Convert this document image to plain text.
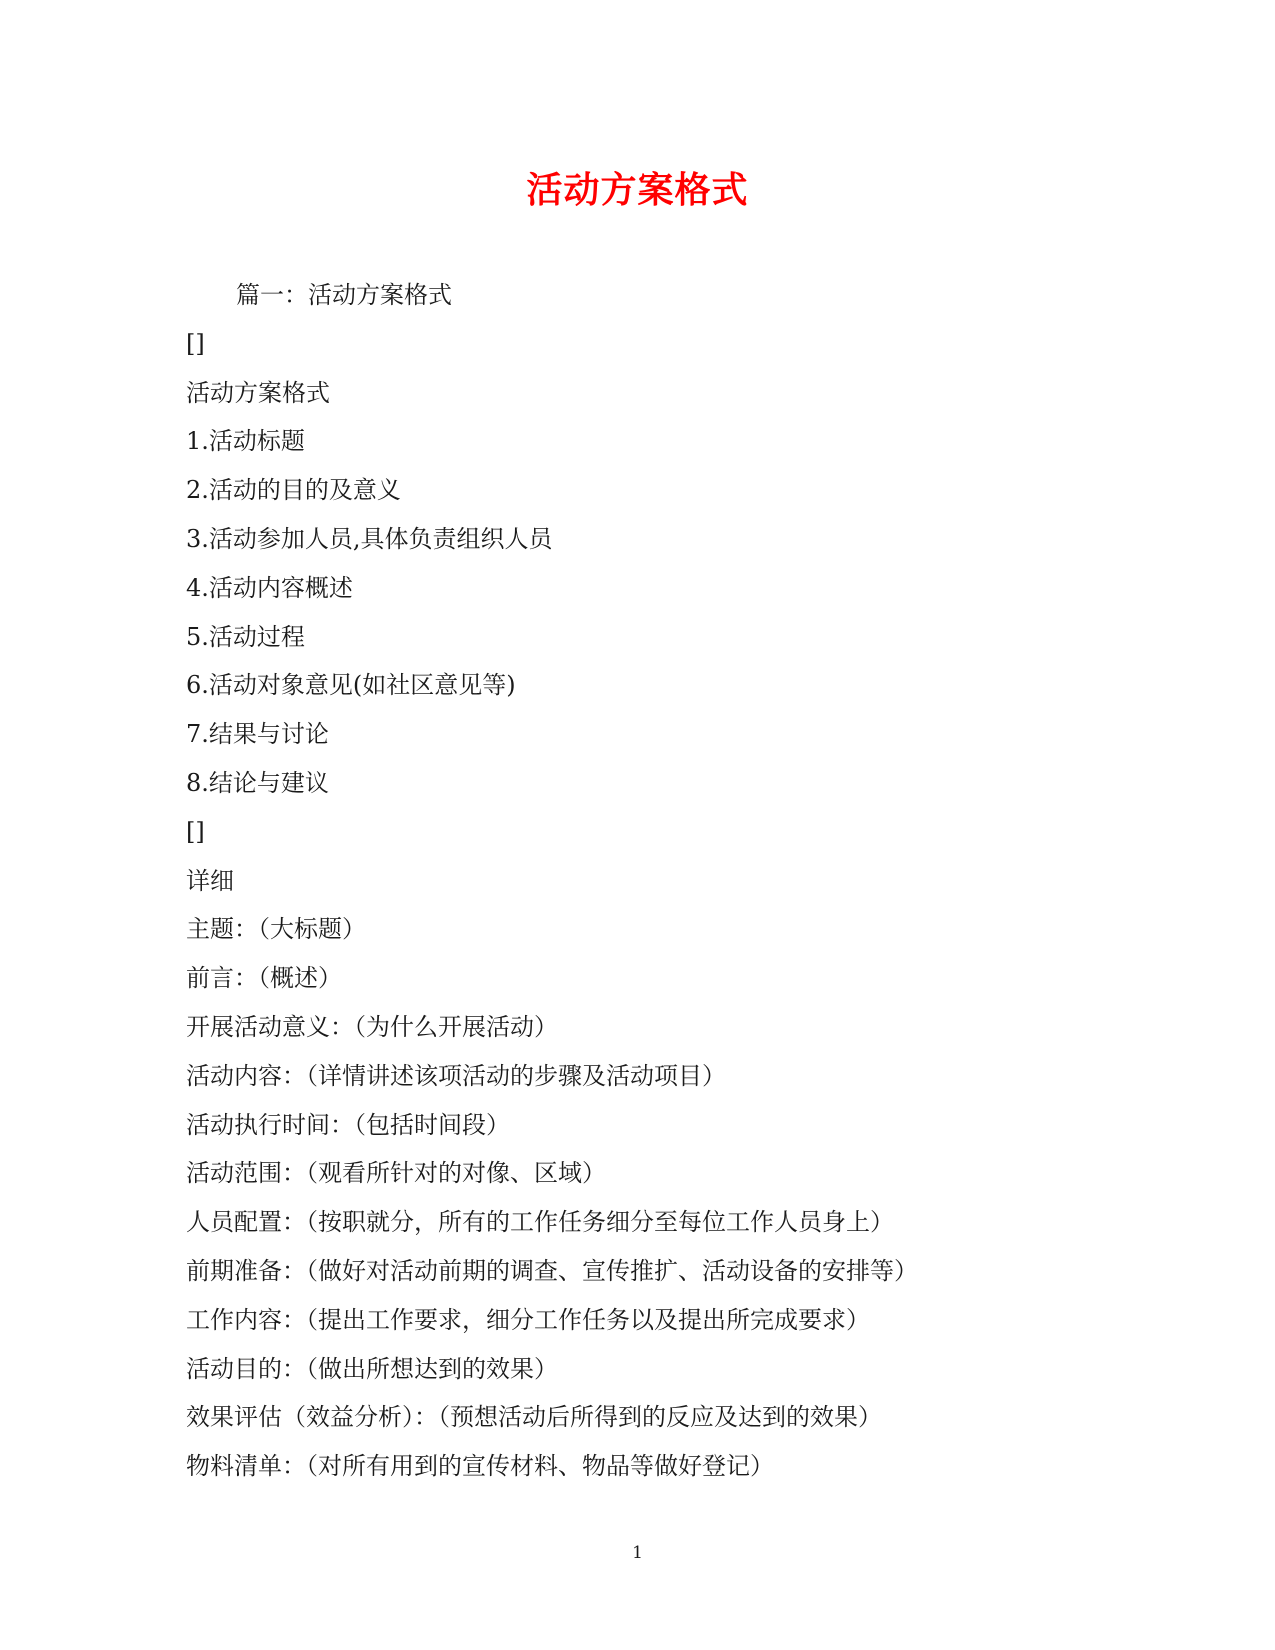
活动方案格式
篇一：活动方案格式
[]
活动方案格式
1.活动标题
2.活动的目的及意义
3.活动参加人员,具体负责组织人员
4.活动内容概述
5.活动过程
6.活动对象意见(如社区意见等)
7.结果与讨论
8.结论与建议
[]
详细
主题：（大标题）
前言：（概述）
开展活动意义：（为什么开展活动）
活动内容：（详情讲述该项活动的步骤及活动项目）
活动执行时间：（包括时间段）
活动范围：（观看所针对的对像、区域）
人员配置：（按职就分，所有的工作任务细分至每位工作人员身上）
前期准备：（做好对活动前期的调查、宣传推扩、活动设备的安排等）
工作内容：（提出工作要求，细分工作任务以及提出所完成要求）
活动目的：（做出所想达到的效果）
效果评估（效益分析）：（预想活动后所得到的反应及达到的效果）
物料清单：（对所有用到的宣传材料、物品等做好登记）
1
